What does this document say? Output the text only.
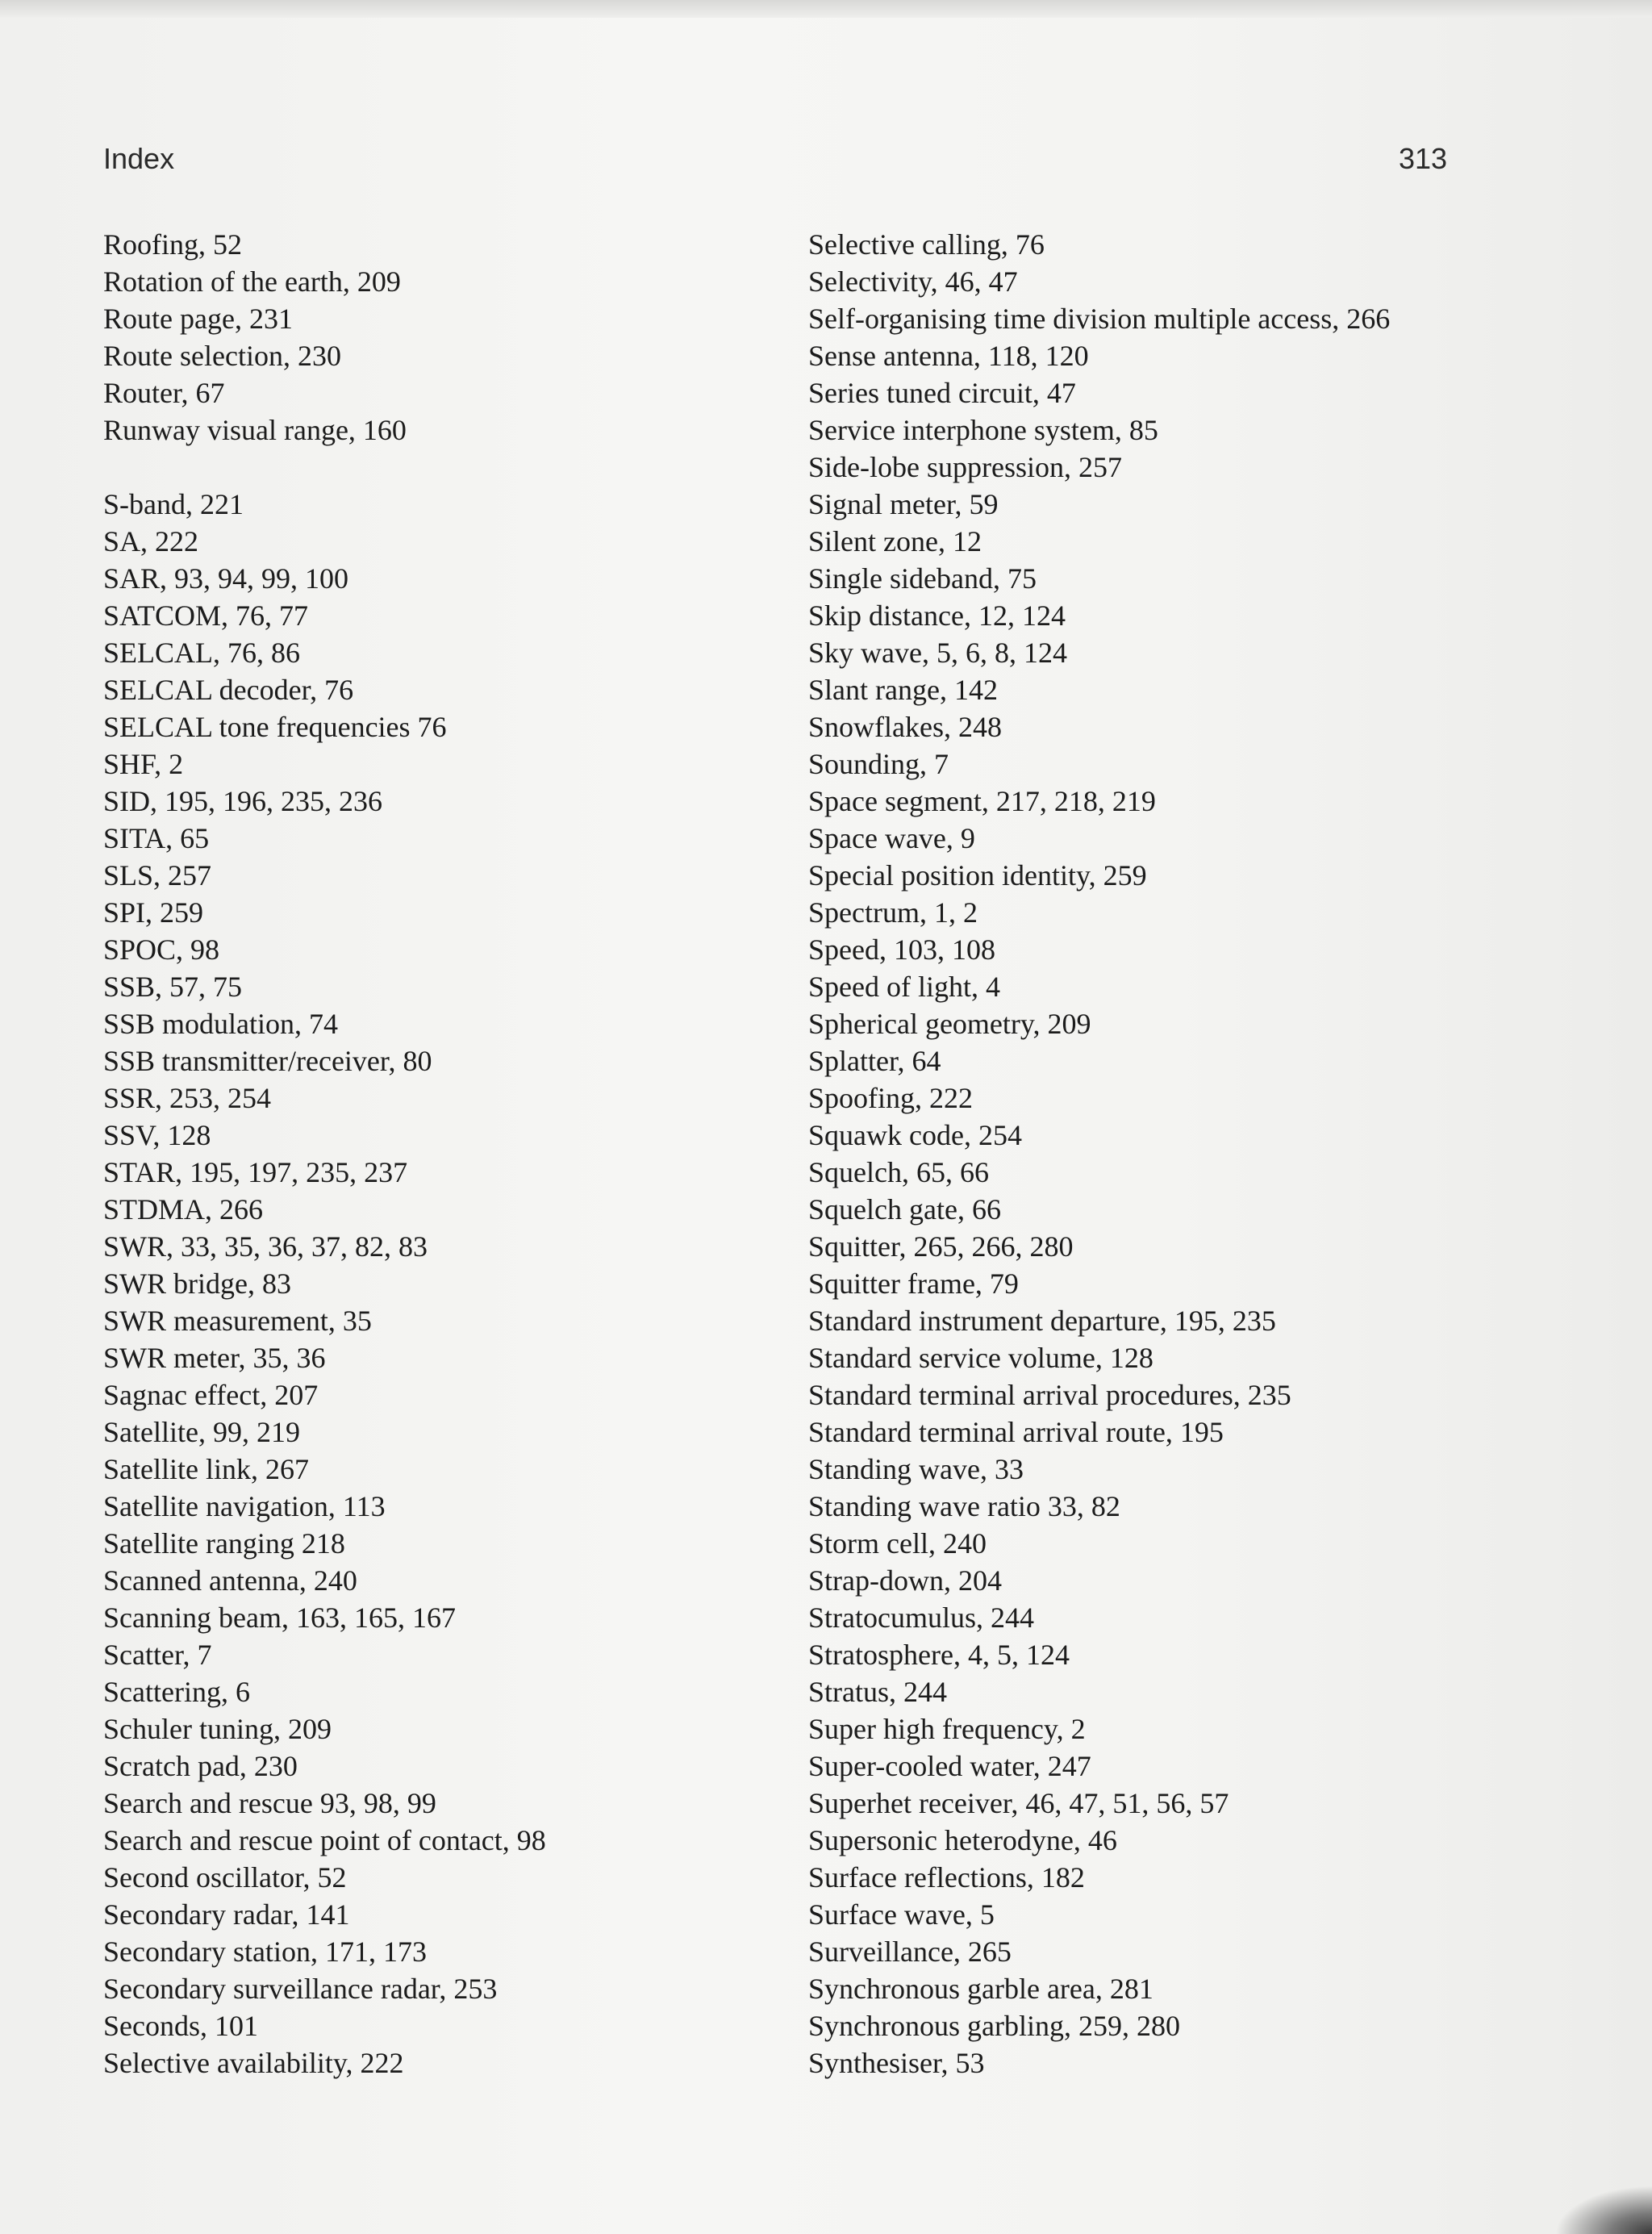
Index	313
Roofing, 52
Rotation of the earth, 209
Route page, 231
Route selection, 230
Router, 67
Runway visual range, 160
S-band, 221
SA, 222
SAR, 93, 94, 99, 100
SATCOM, 76, 77
SELCAL, 76, 86
SELCAL decoder, 76
SELCAL tone frequencies 76
SHF, 2
SID, 195, 196, 235, 236
SITA, 65
SLS, 257
SPI, 259
SPOC, 98
SSB, 57, 75
SSB modulation, 74
SSB transmitter/receiver, 80
SSR, 253, 254
SSV, 128
STAR, 195, 197, 235, 237
STDMA, 266
SWR, 33, 35, 36, 37, 82, 83
SWR bridge, 83
SWR measurement, 35
SWR meter, 35, 36
Sagnac effect, 207
Satellite, 99, 219
Satellite link, 267
Satellite navigation, 113
Satellite ranging 218
Scanned antenna, 240
Scanning beam, 163, 165, 167
Scatter, 7
Scattering, 6
Schuler tuning, 209
Scratch pad, 230
Search and rescue 93, 98, 99
Search and rescue point of contact, 98
Second oscillator, 52
Secondary radar, 141
Secondary station, 171, 173
Secondary surveillance radar, 253
Seconds, 101
Selective availability, 222
Selective calling, 76
Selectivity, 46, 47
Self-organising time division multiple access, 266
Sense antenna, 118, 120
Series tuned circuit, 47
Service interphone system, 85
Side-lobe suppression, 257
Signal meter, 59
Silent zone, 12
Single sideband, 75
Skip distance, 12, 124
Sky wave, 5, 6, 8, 124
Slant range, 142
Snowflakes, 248
Sounding, 7
Space segment, 217, 218, 219
Space wave, 9
Special position identity, 259
Spectrum, 1, 2
Speed, 103, 108
Speed of light, 4
Spherical geometry, 209
Splatter, 64
Spoofing, 222
Squawk code, 254
Squelch, 65, 66
Squelch gate, 66
Squitter, 265, 266, 280
Squitter frame, 79
Standard instrument departure, 195, 235
Standard service volume, 128
Standard terminal arrival procedures, 235
Standard terminal arrival route, 195
Standing wave, 33
Standing wave ratio 33, 82
Storm cell, 240
Strap-down, 204
Stratocumulus, 244
Stratosphere, 4, 5, 124
Stratus, 244
Super high frequency, 2
Super-cooled water, 247
Superhet receiver, 46, 47, 51, 56, 57
Supersonic heterodyne, 46
Surface reflections, 182
Surface wave, 5
Surveillance, 265
Synchronous garble area, 281
Synchronous garbling, 259, 280
Synthesiser, 53
